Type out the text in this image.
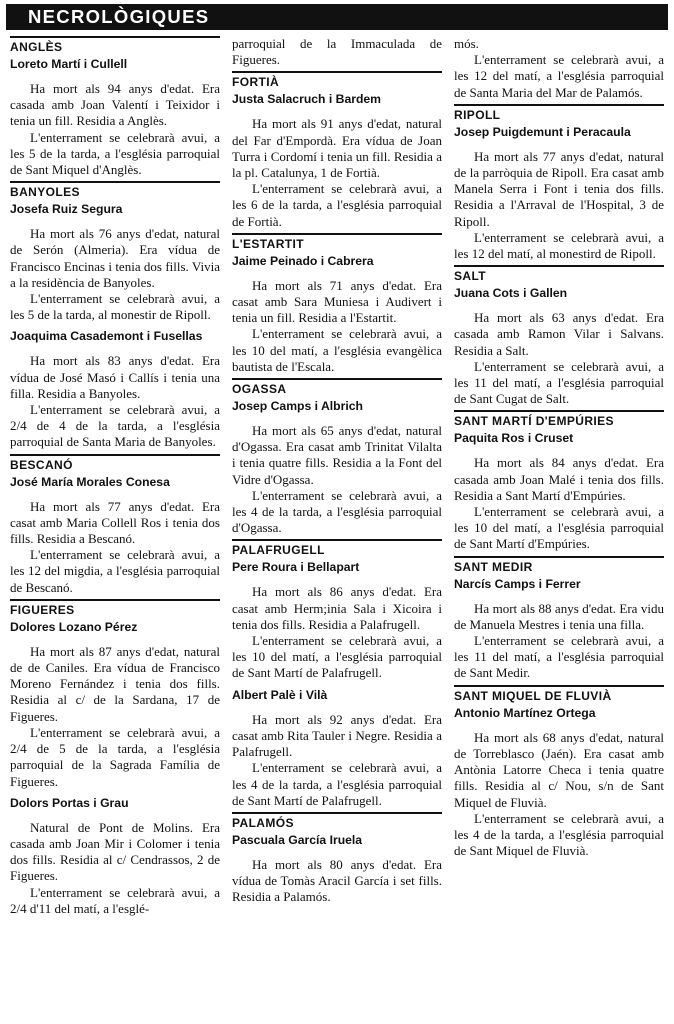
NECROLÒGIQUES
ANGLÈS
Loreto Martí i Cullell

Ha mort als 94 anys d'edat. Era casada amb Joan Valentí i Teixidor i tenia un fill. Residia a Anglès.

L'enterrament se celebrarà avui, a les 5 de la tarda, a l'església parroquial de Sant Miquel d'Anglès.

BANYOLES
Josefa Ruiz Segura

Ha mort als 76 anys d'edat, natural de Serón (Almeria). Era vídua de Francisco Encinas i tenia dos fills. Vivia a la residència de Banyoles.

L'enterrament se celebrarà avui, a les 5 de la tarda, al monestir de Ripoll.

Joaquima Casademont i Fusellas

Ha mort als 83 anys d'edat. Era vídua de José Masó i Callís i tenia una filla. Residia a Banyoles.

L'enterrament se celebrarà avui, a 2/4 de 4 de la tarda, a l'església parroquial de Santa Maria de Banyoles.

BESCANÓ
José María Morales Conesa

Ha mort als 77 anys d'edat. Era casat amb Maria Collell Ros i tenia dos fills. Residia a Bescanó.

L'enterrament se celebrarà avui, a les 12 del migdia, a l'església parroquial de Bescanó.

FIGUERES
Dolores Lozano Pérez

Ha mort als 87 anys d'edat, natural de de Caniles. Era vídua de Francisco Moreno Fernández i tenia dos fills. Residia al c/ de la Sardana, 17 de Figueres.

L'enterrament se celebrarà avui, a 2/4 de 5 de la tarda, a l'església parroquial de la Sagrada Família de Figueres.

Dolors Portas i Grau

Natural de Pont de Molins. Era casada amb Joan Mir i Colomer i tenia dos fills. Residia al c/ Cendrassos, 2 de Figueres.

L'enterrament se celebrarà avui, a 2/4 d'11 del matí, a l'esglé-

parroquial de la Immaculada de Figueres.

FORTIÀ
Justa Salacruch i Bardem

Ha mort als 91 anys d'edat, natural del Far d'Empordà. Era vídua de Joan Turra i Cordomí i tenia un fill. Residia a la pl. Catalunya, 1 de Fortià.

L'enterrament se celebrarà avui, a les 6 de la tarda, a l'església parroquial de Fortià.

L'ESTARTIT
Jaime Peinado i Cabrera

Ha mort als 71 anys d'edat. Era casat amb Sara Muniesa i Audivert i tenia un fill. Residia a l'Estartit.

L'enterrament se celebrarà avui, a les 10 del matí, a l'església evangèlica bautista de l'Escala.

OGASSA
Josep Camps i Albrich

Ha mort als 65 anys d'edat, natural d'Ogassa. Era casat amb Trinitat Vilalta i tenia quatre fills. Residia a la Font del Vidre d'Ogassa.

L'enterrament se celebrarà avui, a les 4 de la tarda, a l'església parroquial d'Ogassa.

PALAFRUGELL
Pere Roura i Bellapart

Ha mort als 86 anys d'edat. Era casat amb Herm;inia Sala i Xicoira i tenia dos fills. Residia a Palafrugell.

L'enterrament se celebrarà avui, a les 10 del matí, a l'església parroquial de Sant Martí de Palafrugell.

Albert Palè i Vilà

Ha mort als 92 anys d'edat. Era casat amb Rita Tauler i Negre. Residia a Palafrugell.

L'enterrament se celebrarà avui, a les 4 de la tarda, a l'església parroquial de Sant Martí de Palafrugell.

PALAMÓS
Pascuala García Iruela

Ha mort als 80 anys d'edat. Era vídua de Tomàs Aracil García i set fills. Residia a Palamós.

mós.

L'enterrament se celebrarà avui, a les 12 del matí, a l'església parroquial de Santa Maria del Mar de Palamós.

RIPOLL
Josep Puigdemunt i Peracaula

Ha mort als 77 anys d'edat, natural de la parròquia de Ripoll. Era casat amb Manela Serra i Font i tenia dos fills. Residia a l'Arraval de l'Hospital, 3 de Ripoll.

L'enterrament se celebrarà avui, a les 12 del matí, al monestird de Ripoll.

SALT
Juana Cots i Gallen

Ha mort als 63 anys d'edat. Era casada amb Ramon Vilar i Salvans. Residia a Salt.

L'enterrament se celebrarà avui, a les 11 del matí, a l'església parroquial de Sant Cugat de Salt.

SANT MARTÍ D'EMPÚRIES
Paquita Ros i Cruset

Ha mort als 84 anys d'edat. Era casada amb Joan Malé i tenia dos fills. Residia a Sant Martí d'Empúries.

L'enterrament se celebrarà avui, a les 10 del matí, a l'església parroquial de Sant Martí d'Empúries.

SANT MEDIR
Narcís Camps i Ferrer

Ha mort als 88 anys d'edat. Era vidu de Manuela Mestres i tenia una filla.

L'enterrament se celebrarà avui, a les 11 del matí, a l'església parroquial de Sant Medir.

SANT MIQUEL DE FLUVIÀ
Antonio Martínez Ortega

Ha mort als 68 anys d'edat, natural de Torreblasco (Jaén). Era casat amb Antònia Latorre Checa i tenia quatre fills. Residia al c/ Nou, s/n de Sant Miquel de Fluvià.

L'enterrament se celebrarà avui, a les 4 de la tarda, a l'església parroquial de Sant Miquel de Fluvià.
